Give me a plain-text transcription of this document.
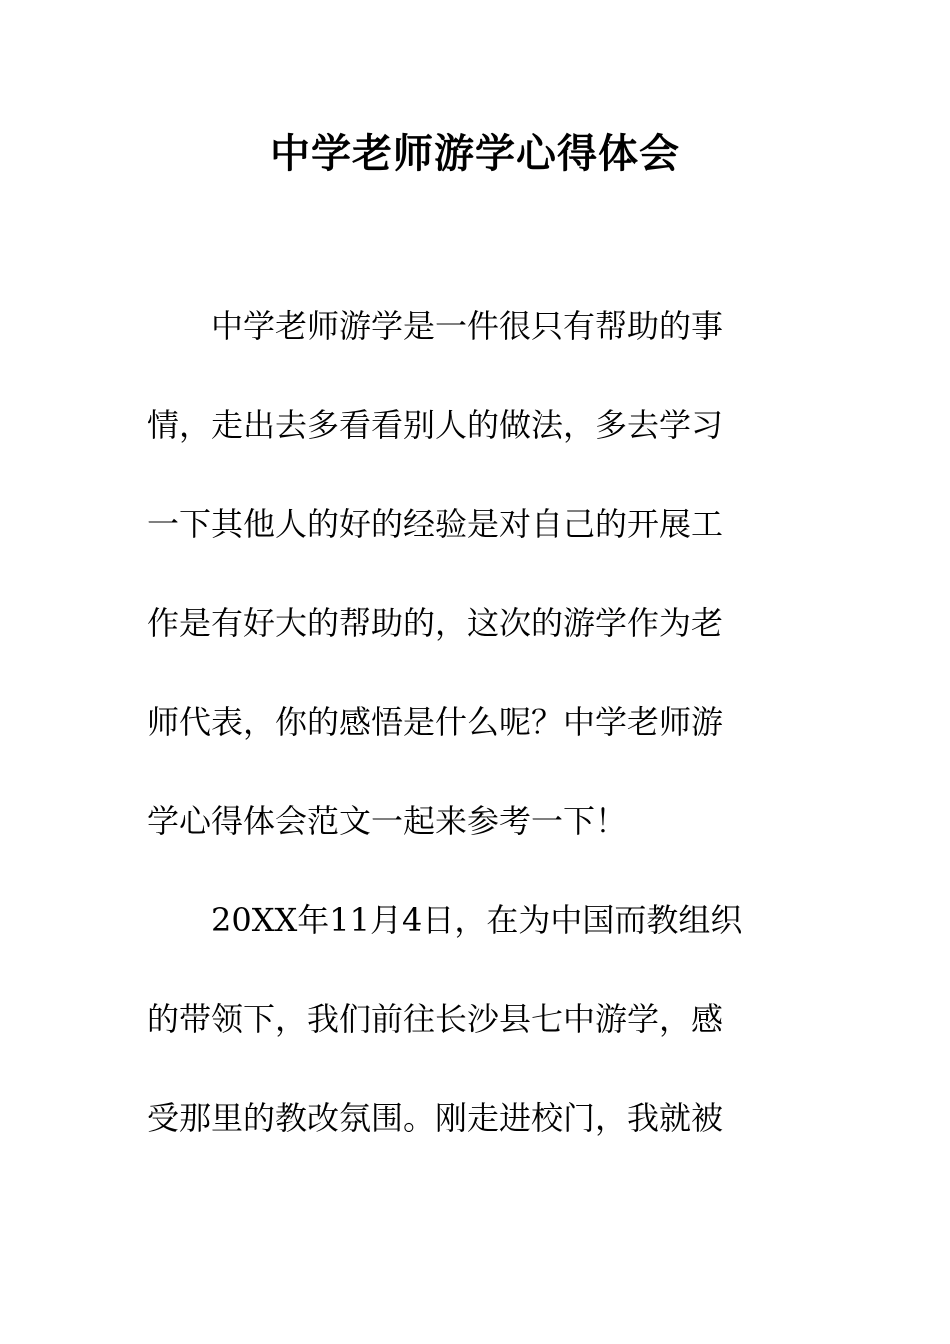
中学老师游学心得体会

　　中学老师游学是一件很只有帮助的事

情，走出去多看看别人的做法，多去学习

一下其他人的好的经验是对自己的开展工

作是有好大的帮助的，这次的游学作为老

师代表，你的感悟是什么呢？中学老师游

学心得体会范文一起来参考一下！

　　20XX年11月4日，在为中国而教组织

的带领下，我们前往长沙县七中游学，感

受那里的教改氛围。刚走进校门，我就被
